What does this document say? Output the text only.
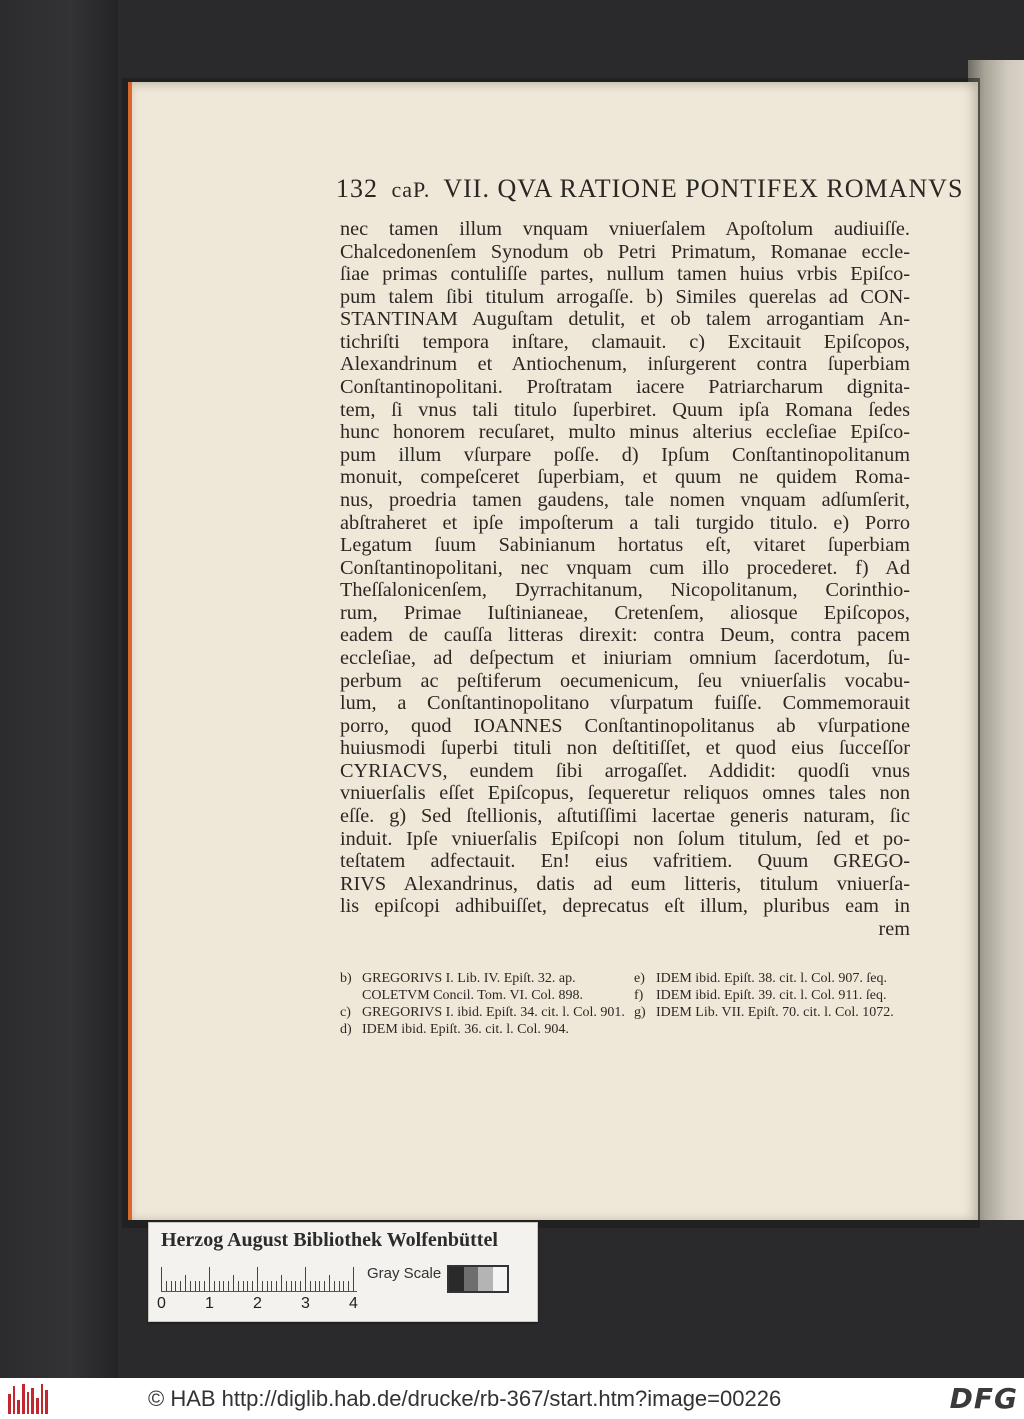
132 caP. VII. QVA RATIONE PONTIFEX ROMANVS
nec tamen illum vnquam vniuerſalem Apoſtolum audiuiſſe.
Chalcedonenſem Synodum ob Petri Primatum, Romanae eccle-
ſiae primas contuliſſe partes, nullum tamen huius vrbis Epiſco-
pum talem ſibi titulum arrogaſſe. b) Similes querelas ad CON-
STANTINAM Auguſtam detulit, et ob talem arrogantiam An-
tichriſti tempora inſtare, clamauit. c) Excitauit Epiſcopos,
Alexandrinum et Antiochenum, inſurgerent contra ſuperbiam
Conſtantinopolitani. Proſtratam iacere Patriarcharum dignita-
tem, ſi vnus tali titulo ſuperbiret. Quum ipſa Romana ſedes
hunc honorem recuſaret, multo minus alterius eccleſiae Epiſco-
pum illum vſurpare poſſe. d) Ipſum Conſtantinopolitanum
monuit, compeſceret ſuperbiam, et quum ne quidem Roma-
nus, proedria tamen gaudens, tale nomen vnquam adſumſerit,
abſtraheret et ipſe impoſterum a tali turgido titulo. e) Porro
Legatum ſuum Sabinianum hortatus eſt, vitaret ſuperbiam
Conſtantinopolitani, nec vnquam cum illo procederet. f) Ad
Theſſalonicenſem, Dyrrachitanum, Nicopolitanum, Corinthio-
rum, Primae Iuſtinianeae, Cretenſem, aliosque Epiſcopos,
eadem de cauſſa litteras direxit: contra Deum, contra pacem
eccleſiae, ad deſpectum et iniuriam omnium ſacerdotum, ſu-
perbum ac peſtiferum oecumenicum, ſeu vniuerſalis vocabu-
lum, a Conſtantinopolitano vſurpatum fuiſſe. Commemorauit
porro, quod IOANNES Conſtantinopolitanus ab vſurpatione
huiusmodi ſuperbi tituli non deſtitiſſet, et quod eius ſucceſſor
CYRIACVS, eundem ſibi arrogaſſet. Addidit: quodſi vnus
vniuerſalis eſſet Epiſcopus, ſequeretur reliquos omnes tales non
eſſe. g) Sed ſtellionis, aſtutiſſimi lacertae generis naturam, ſic
induit. Ipſe vniuerſalis Epiſcopi non ſolum titulum, ſed et po-
teſtatem adfectauit. En! eius vafritiem. Quum GREGO-
RIVS Alexandrinus, datis ad eum litteris, titulum vniuerſa-
lis epiſcopi adhibuiſſet, deprecatus eſt illum, pluribus eam in
rem
b) GREGORIVS I. Lib. IV. Epiſt. 32. ap. COLETVM Concil. Tom. VI. Col. 898.
c) GREGORIVS I. ibid. Epiſt. 34. cit. l. Col. 901.
d) IDEM ibid. Epiſt. 36. cit. l. Col. 904.
e) IDEM ibid. Epiſt. 38. cit. l. Col. 907. ſeq.
f) IDEM ibid. Epiſt. 39. cit. l. Col. 911. ſeq.
g) IDEM Lib. VII. Epiſt. 70. cit. l. Col. 1072.
Herzog August Bibliothek Wolfenbüttel
0 1 2 3 4
Gray Scale
© HAB http://diglib.hab.de/drucke/rb-367/start.htm?image=00226	DFG
